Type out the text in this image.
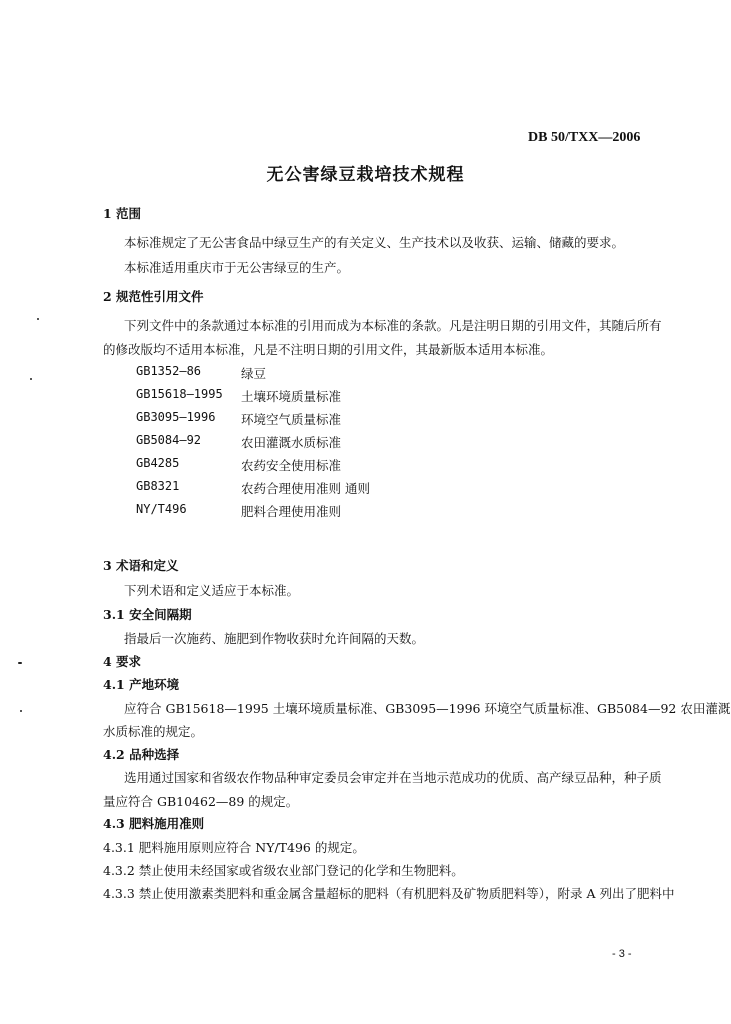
DB 50/TXX—2006
无公害绿豆栽培技术规程
1 范围
本标准规定了无公害食品中绿豆生产的有关定义、生产技术以及收获、运输、储藏的要求。
本标准适用重庆市于无公害绿豆的生产。
2 规范性引用文件
下列文件中的条款通过本标准的引用而成为本标准的条款。凡是注明日期的引用文件，其随后所有
的修改版均不适用本标准，凡是不注明日期的引用文件，其最新版本适用本标准。
GB1352—86	绿豆
GB15618—1995 土壤环境质量标准
GB3095—1996 环境空气质量标准
GB5084—92	农田灌溉水质标准
GB4285	农药安全使用标准
GB8321	农药合理使用准则 通则
NY/T496	肥料合理使用准则
3 术语和定义
下列术语和定义适应于本标准。
3.1 安全间隔期
指最后一次施药、施肥到作物收获时允许间隔的天数。
4 要求
4.1 产地环境
应符合 GB15618—1995 土壤环境质量标准、GB3095—1996 环境空气质量标准、GB5084—92 农田灌溉
水质标准的规定。
4.2 品种选择
选用通过国家和省级农作物品种审定委员会审定并在当地示范成功的优质、高产绿豆品种，种子质
量应符合 GB10462—89 的规定。
4.3 肥料施用准则
4.3.1 肥料施用原则应符合 NY/T496 的规定。
4.3.2 禁止使用未经国家或省级农业部门登记的化学和生物肥料。
4.3.3 禁止使用激素类肥料和重金属含量超标的肥料（有机肥料及矿物质肥料等），附录 A 列出了肥料中
- 3 -
